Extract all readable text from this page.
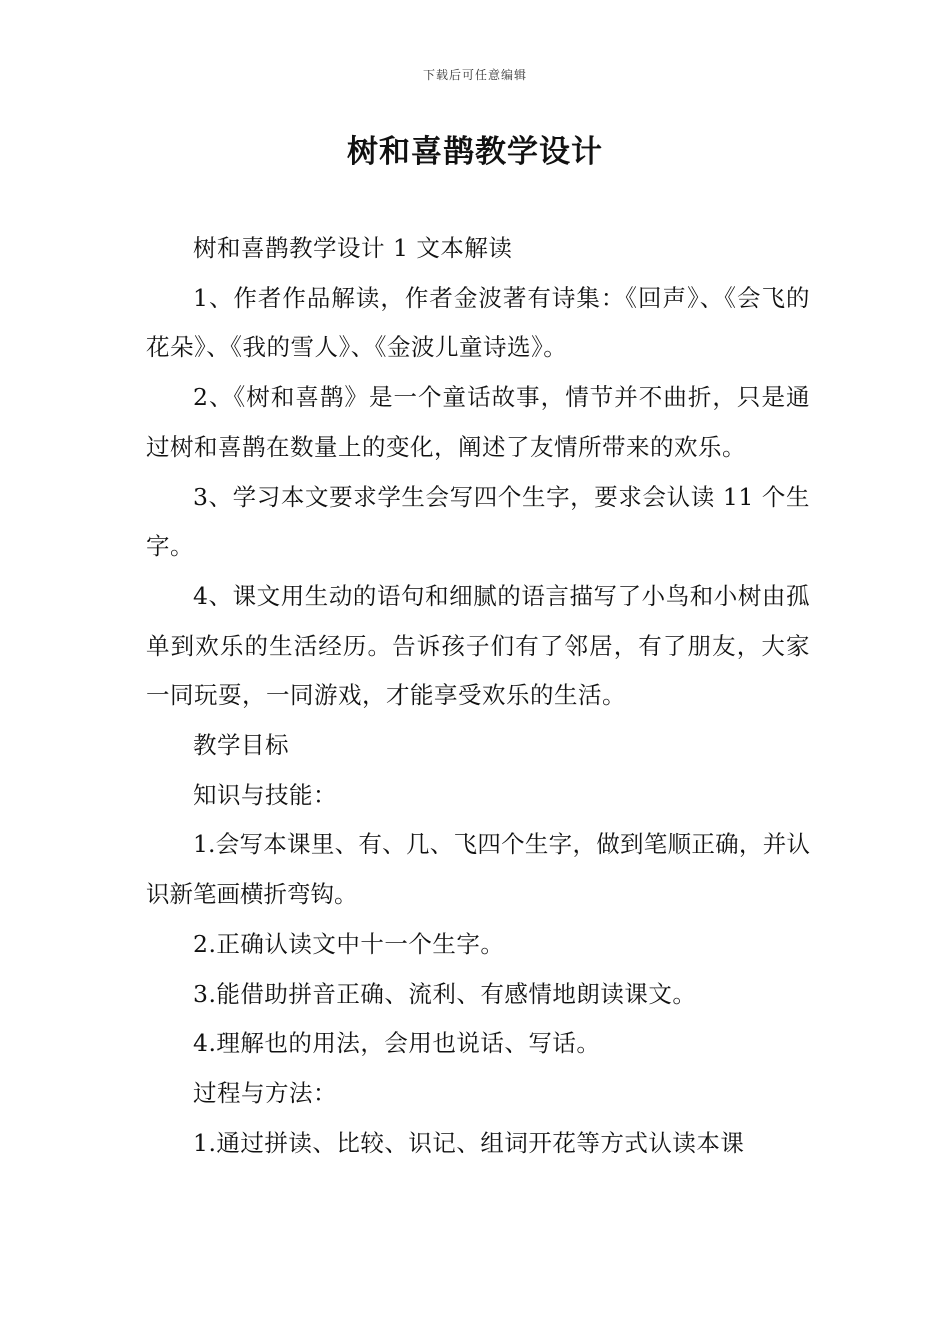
下载后可任意编辑
树和喜鹊教学设计

树和喜鹊教学设计 1 文本解读

1、作者作品解读，作者金波著有诗集：《回声》、《会飞的花朵》、《我的雪人》、《金波儿童诗选》。

2、《树和喜鹊》是一个童话故事，情节并不曲折，只是通过树和喜鹊在数量上的变化，阐述了友情所带来的欢乐。

3、学习本文要求学生会写四个生字，要求会认读 11 个生字。

4、课文用生动的语句和细腻的语言描写了小鸟和小树由孤单到欢乐的生活经历。告诉孩子们有了邻居，有了朋友，大家一同玩耍，一同游戏，才能享受欢乐的生活。

教学目标

知识与技能：

1.会写本课里、有、几、飞四个生字，做到笔顺正确，并认识新笔画横折弯钩。

2.正确认读文中十一个生字。

3.能借助拼音正确、流利、有感情地朗读课文。

4.理解也的用法，会用也说话、写话。

过程与方法：

1.通过拼读、比较、识记、组词开花等方式认读本课
